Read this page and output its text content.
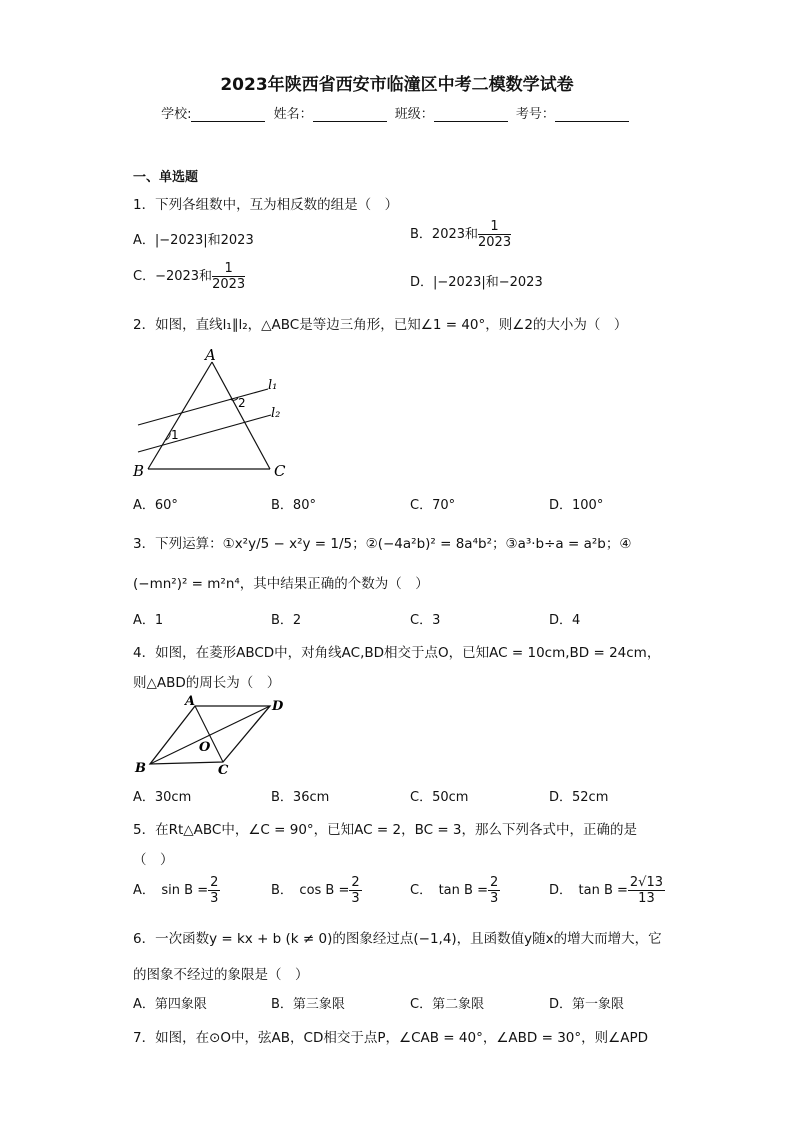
2023年陕西省西安市临潼区中考二模数学试卷
学校:	姓名：	班级：	考号：
一、单选题
1．下列各组数中，互为相反数的组是（　）
A．|−2023|和2023	B．2023和 $\frac{1}{2023}$
C．−2023和 $\frac{1}{2023}$	D．|−2023|和−2023
2．如图，直线l₁∥l₂，△ABC是等边三角形，已知∠1 = 40°，则∠2的大小为（　）
A
B	C
l₁
l₂
1
2
A．60°	B．80°	C．70°	D．100°
3．下列运算：①x²y/5 − x²y = 1/5；②(−4a²b)² = 8a⁴b²；③a³·b÷a = a²b；④
(−mn²)² = m²n⁴，其中结果正确的个数为（　）
A．1	B．2	C．3	D．4
4．如图，在菱形ABCD中，对角线AC,BD相交于点O，已知AC = 10cm,BD = 24cm，
则△ABD的周长为（　）
A	D
O
B	C
A．30cm	B．36cm	C．50cm	D．52cm
5．在Rt△ABC中，∠C = 90°，已知AC = 2，BC = 3，那么下列各式中，正确的是
（　）
A．　$\sin B = \frac{2}{3}$	B．　$\cos B = \frac{2}{3}$	C．　$\tan B = \frac{2}{3}$	D．　$\tan B = \frac{2√13}{13}$
6．一次函数y = kx + b (k ≠ 0)的图象经过点(−1,4)，且函数值y随x的增大而增大，它
的图象不经过的象限是（　）
A．第四象限	B．第三象限	C．第二象限	D．第一象限
7．如图，在⊙O中，弦AB，CD相交于点P，∠CAB = 40°，∠ABD = 30°，则∠APD
